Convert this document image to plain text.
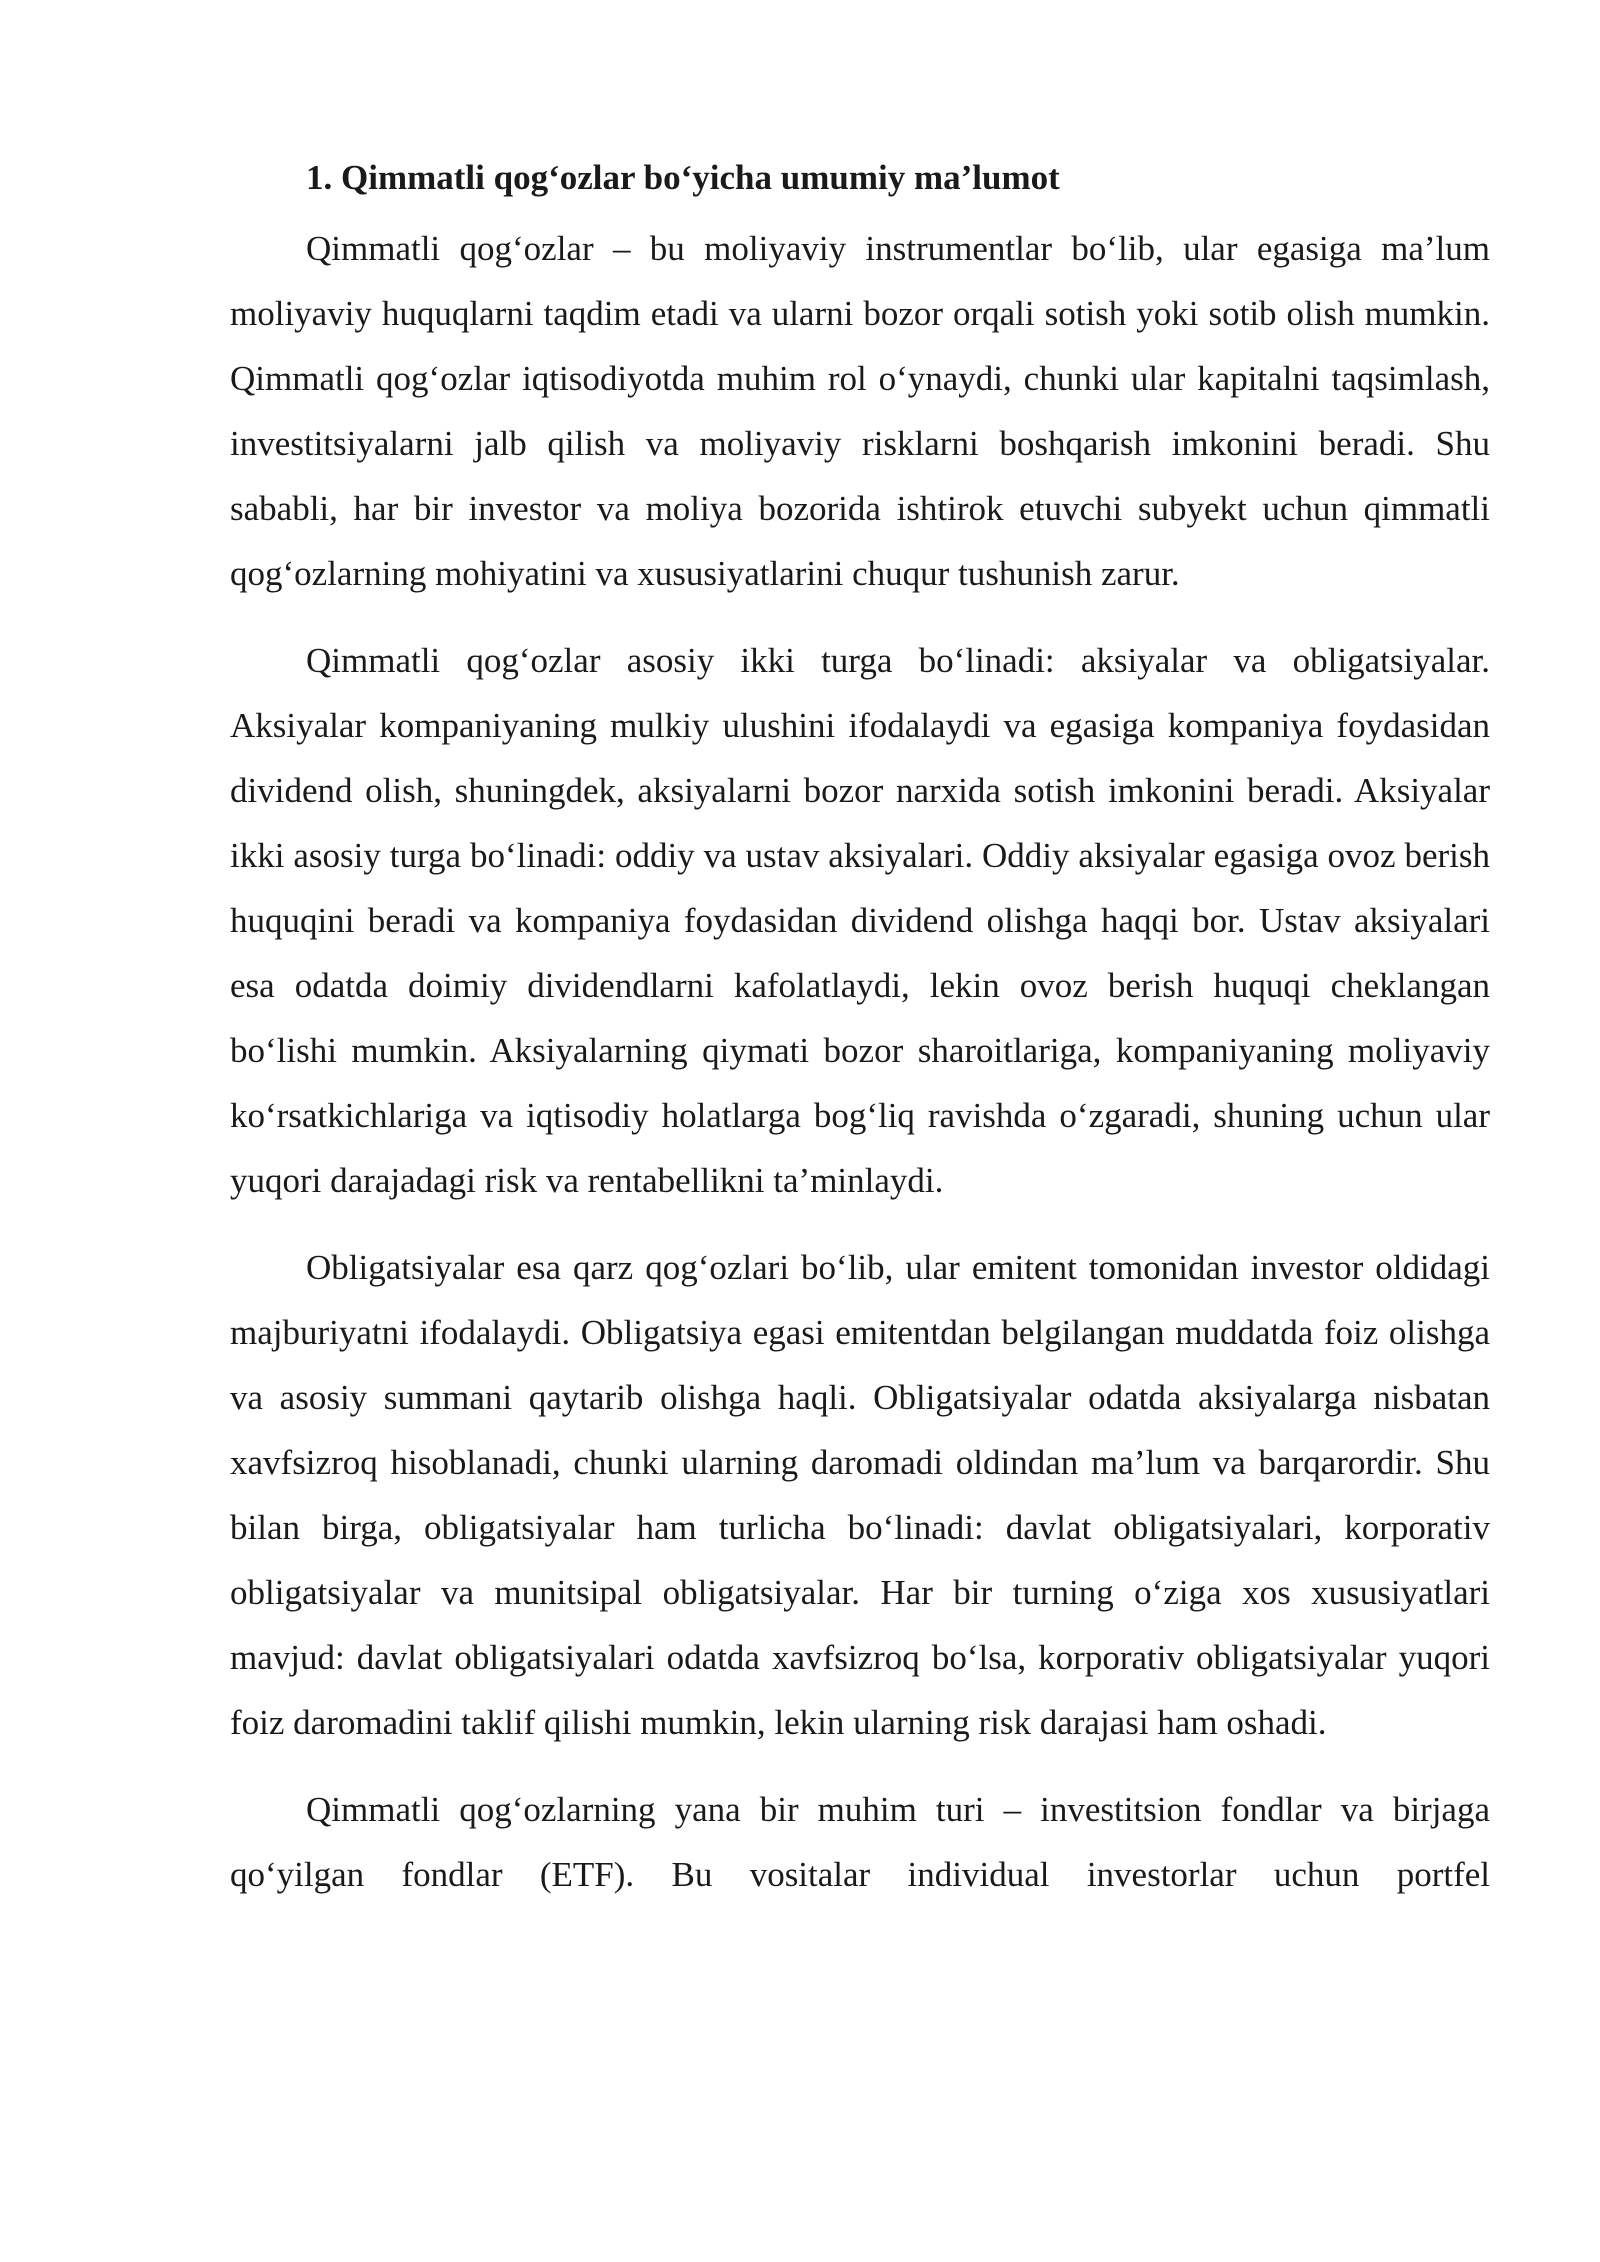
1. Qimmatli qog‘ozlar bo‘yicha umumiy ma’lumot

Qimmatli qog‘ozlar – bu moliyaviy instrumentlar bo‘lib, ular egasiga ma’lum moliyaviy huquqlarni taqdim etadi va ularni bozor orqali sotish yoki sotib olish mumkin. Qimmatli qog‘ozlar iqtisodiyotda muhim rol o‘ynaydi, chunki ular kapitalni taqsimlash, investitsiyalarni jalb qilish va moliyaviy risklarni boshqarish imkonini beradi. Shu sababli, har bir investor va moliya bozorida ishtirok etuvchi subyekt uchun qimmatli qog‘ozlarning mohiyatini va xususiyatlarini chuqur tushunish zarur.

Qimmatli qog‘ozlar asosiy ikki turga bo‘linadi: aksiyalar va obligatsiyalar. Aksiyalar kompaniyaning mulkiy ulushini ifodalaydi va egasiga kompaniya foydasidan dividend olish, shuningdek, aksiyalarni bozor narxida sotish imkonini beradi. Aksiyalar ikki asosiy turga bo‘linadi: oddiy va ustav aksiyalari. Oddiy aksiyalar egasiga ovoz berish huquqini beradi va kompaniya foydasidan dividend olishga haqqi bor. Ustav aksiyalari esa odatda doimiy dividendlarni kafolatlaydi, lekin ovoz berish huquqi cheklangan bo‘lishi mumkin. Aksiyalarning qiymati bozor sharoitlariga, kompaniyaning moliyaviy ko‘rsatkichlariga va iqtisodiy holatlarga bog‘liq ravishda o‘zgaradi, shuning uchun ular yuqori darajadagi risk va rentabellikni ta’minlaydi.

Obligatsiyalar esa qarz qog‘ozlari bo‘lib, ular emitent tomonidan investor oldidagi majburiyatni ifodalaydi. Obligatsiya egasi emitentdan belgilangan muddatda foiz olishga va asosiy summani qaytarib olishga haqli. Obligatsiyalar odatda aksiyalarga nisbatan xavfsizroq hisoblanadi, chunki ularning daromadi oldindan ma’lum va barqarordir. Shu bilan birga, obligatsiyalar ham turlicha bo‘linadi: davlat obligatsiyalari, korporativ obligatsiyalar va munitsipal obligatsiyalar. Har bir turning o‘ziga xos xususiyatlari mavjud: davlat obligatsiyalari odatda xavfsizroq bo‘lsa, korporativ obligatsiyalar yuqori foiz daromadini taklif qilishi mumkin, lekin ularning risk darajasi ham oshadi.

Qimmatli qog‘ozlarning yana bir muhim turi – investitsion fondlar va birjaga qo‘yilgan fondlar (ETF). Bu vositalar individual investorlar uchun portfel
